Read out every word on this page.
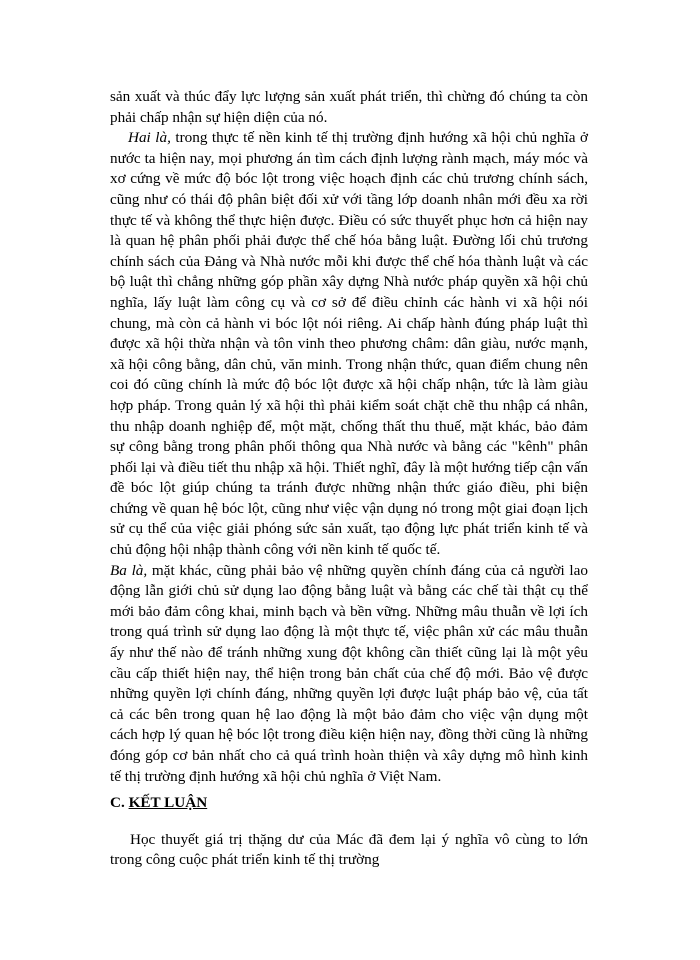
sản xuất và thúc đẩy lực lượng sản xuất phát triển, thì chừng đó chúng ta còn phải chấp nhận sự hiện diện của nó.

Hai là, trong thực tế nền kinh tế thị trường định hướng xã hội chủ nghĩa ở nước ta hiện nay, mọi phương án tìm cách định lượng rành mạch, máy móc và xơ cứng về mức độ bóc lột trong việc hoạch định các chủ trương chính sách, cũng như có thái độ phân biệt đối xử với tầng lớp doanh nhân mới đều xa rời thực tế và không thể thực hiện được. Điều có sức thuyết phục hơn cả hiện nay là quan hệ phân phối phải được thể chế hóa bằng luật. Đường lối chủ trương chính sách của Đảng và Nhà nước mỗi khi được thể chế hóa thành luật và các bộ luật thì chẳng những góp phần xây dựng Nhà nước pháp quyền xã hội chủ nghĩa, lấy luật làm công cụ và cơ sở để điều chỉnh các hành vi xã hội nói chung, mà còn cả hành vi bóc lột nói riêng. Ai chấp hành đúng pháp luật thì được xã hội thừa nhận và tôn vinh theo phương châm: dân giàu, nước mạnh, xã hội công bằng, dân chủ, văn minh. Trong nhận thức, quan điểm chung nên coi đó cũng chính là mức độ bóc lột được xã hội chấp nhận, tức là làm giàu hợp pháp. Trong quản lý xã hội thì phải kiểm soát chặt chẽ thu nhập cá nhân, thu nhập doanh nghiệp để, một mặt, chống thất thu thuế, mặt khác, bảo đảm sự công bằng trong phân phối thông qua Nhà nước và bằng các "kênh" phân phối lại và điều tiết thu nhập xã hội. Thiết nghĩ, đây là một hướng tiếp cận vấn đề bóc lột giúp chúng ta tránh được những nhận thức giáo điều, phi biện chứng về quan hệ bóc lột, cũng như việc vận dụng nó trong một giai đoạn lịch sử cụ thể của việc giải phóng sức sản xuất, tạo động lực phát triển kinh tế và chủ động hội nhập thành công với nền kinh tế quốc tế.

Ba là, mặt khác, cũng phải bảo vệ những quyền chính đáng của cả người lao động lẫn giới chủ sử dụng lao động bằng luật và bằng các chế tài thật cụ thể mới bảo đảm công khai, minh bạch và bền vững. Những mâu thuẫn về lợi ích trong quá trình sử dụng lao động là một thực tế, việc phân xử các mâu thuẫn ấy như thế nào để tránh những xung đột không cần thiết cũng lại là một yêu cầu cấp thiết hiện nay, thể hiện trong bản chất của chế độ mới. Bảo vệ được những quyền lợi chính đáng, những quyền lợi được luật pháp bảo vệ, của tất cả các bên trong quan hệ lao động là một bảo đảm cho việc vận dụng một cách hợp lý quan hệ bóc lột trong điều kiện hiện nay, đồng thời cũng là những đóng góp cơ bản nhất cho cả quá trình hoàn thiện và xây dựng mô hình kinh tế thị trường định hướng xã hội chủ nghĩa ở Việt Nam.

C. KẾT LUẬN

Học thuyết giá trị thặng dư của Mác đã đem lại ý nghĩa vô cùng to lớn trong công cuộc phát triển kinh tế thị trường
